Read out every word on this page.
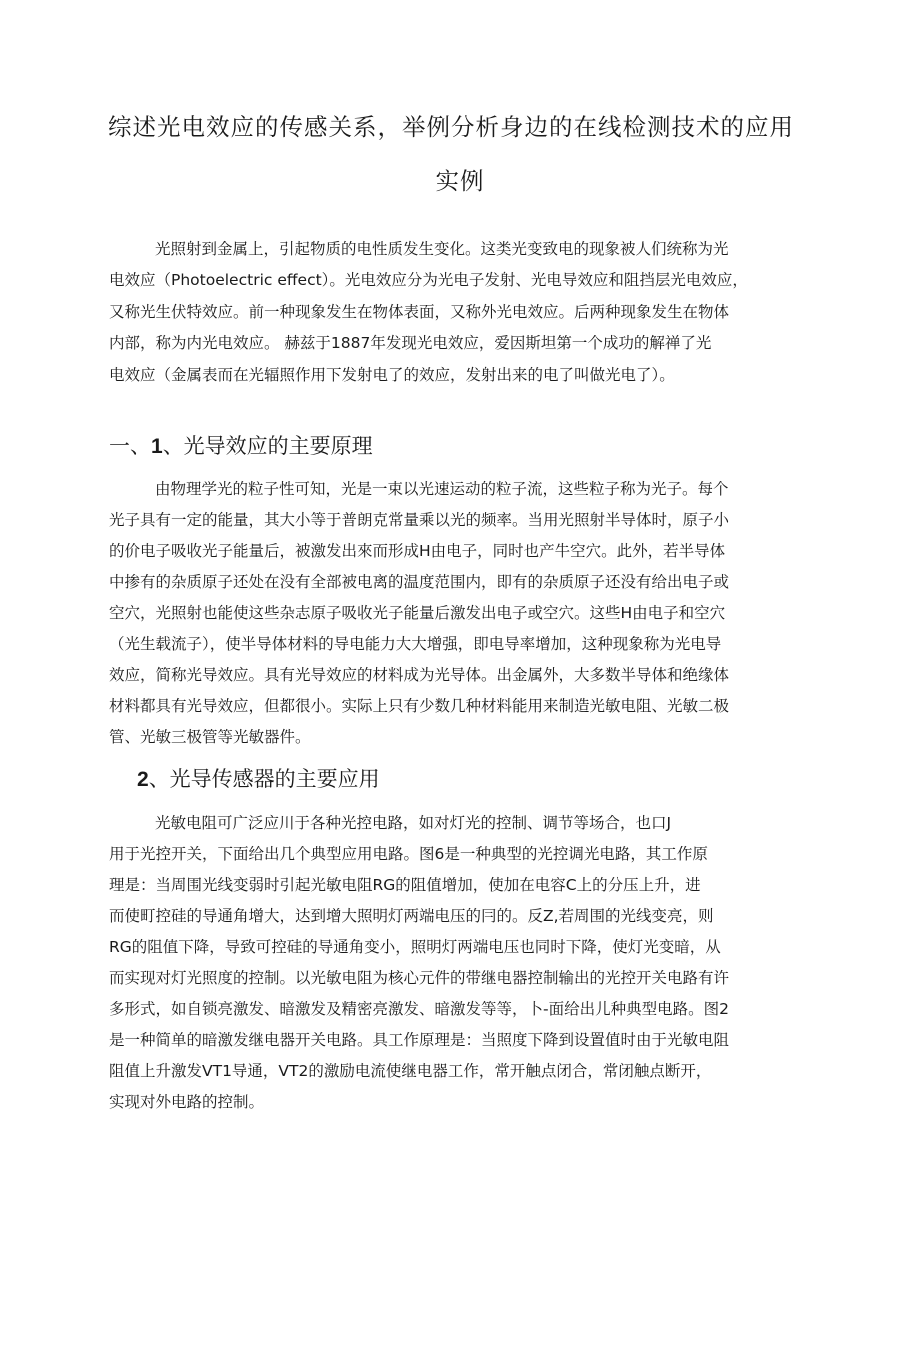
综述光电效应的传感关系，举例分析身边的在线检测技术的应用
实例
光照射到金属上，引起物质的电性质发生变化。这类光变致电的现象被人们统称为光
电效应（Photoelectric effect）。光电效应分为光电子发射、光电导效应和阻挡层光电效应，
又称光生伏特效应。前一种现象发生在物体表面，又称外光电效应。后两种现象发生在物体
内部，称为内光电效应。 赫兹于1887年发现光电效应，爱因斯坦第一个成功的解禅了光
电效应（金属表而在光辐照作用下发射电了的效应，发射出来的电了叫做光电了）。
一、1、光导效应的主要原理
由物理学光的粒子性可知，光是一束以光速运动的粒子流，这些粒子称为光子。每个
光子具有一定的能量，其大小等于普朗克常量乘以光的频率。当用光照射半导体时，原子小
的价电子吸收光子能量后，被激发出來而形成H由电子，同时也产牛空穴。此外，若半导体
中掺有的杂质原子还处在没有全部被电离的温度范围内，即有的杂质原子还没有给出电子或
空穴，光照射也能使这些杂志原子吸收光子能量后激发出电子或空穴。这些H由电子和空穴
（光生载流子），使半导体材料的导电能力大大增强，即电导率增加，这种现象称为光电导
效应，简称光导效应。具有光导效应的材料成为光导体。出金属外，大多数半导体和绝缘体
材料都具有光导效应，但都很小。实际上只有少数几种材料能用来制造光敏电阻、光敏二极
管、光敏三极管等光敏器件。
2、光导传感器的主要应用
光敏电阻可广泛应川于各种光控电路，如对灯光的控制、调节等场合，也口J
用于光控开关，下面给出几个典型应用电路。图6是一种典型的光控调光电路，其工作原
理是：当周围光线变弱时引起光敏电阻RG的阻值增加，使加在电容C上的分压上升，进
而使町控硅的导通角增大，达到增大照明灯两端电压的冃的。反Z,若周围的光线变亮，则
RG的阻值下降，导致可控硅的导通角变小，照明灯两端电压也同时下降，使灯光变暗，从
而实现对灯光照度的控制。以光敏电阻为核心元件的带继电器控制输出的光控开关电路有许
多形式，如自锁亮激发、暗激发及精密亮激发、暗激发等等，卜-面给出儿种典型电路。图2
是一种简单的暗激发继电器开关电路。具工作原理是：当照度下降到设置值时由于光敏电阻
阻值上升激发VT1导通，VT2的激励电流使继电器工作，常开触点闭合，常闭触点断开，
实现对外电路的控制。
